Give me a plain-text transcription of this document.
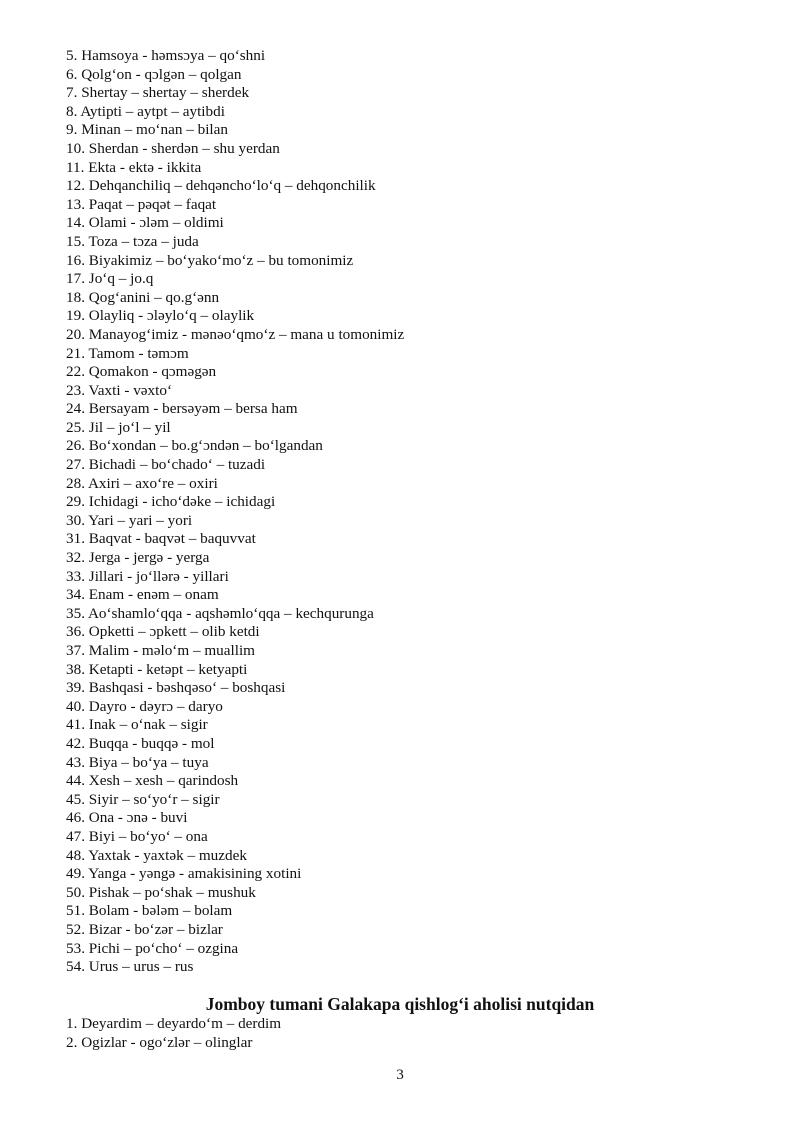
5. Hamsoya - həmsɔya – qo‘shni
6. Qolg‘on - qɔlgən – qolgan
7. Shertay – shertay – sherdek
8. Aytipti – aytpt – aytibdi
9. Minan – mo‘nan – bilan
10. Sherdan - sherdən – shu yerdan
11. Ekta - ektə - ikkita
12. Dehqanchiliq – dehqəncho‘lo‘q – dehqonchilik
13. Paqat – pəqət – faqat
14. Olami - ɔləm – oldimi
15. Toza – tɔza – juda
16. Biyakimiz – bo‘yako‘mo‘z – bu tomonimiz
17. Jo‘q – jo.q
18. Qog‘anini – qo.g‘ənn
19. Olayliq - ɔləylo‘q – olaylik
20. Manayog‘imiz - mənəo‘qmo‘z – mana u tomonimiz
21. Tamom - təmɔm
22. Qomakon - qɔməgən
23. Vaxti - vəxto‘
24. Bersayam - bersəyəm – bersa ham
25. Jil – jo‘l – yil
26. Bo‘xondan – bo.g‘ɔndən – bo‘lgandan
27. Bichadi – bo‘chado‘ – tuzadi
28. Axiri – axo‘re – oxiri
29. Ichidagi - icho‘dəke – ichidagi
30. Yari – yari – yori
31. Baqvat - baqvət – baquvvat
32. Jerga - jergə - yerga
33. Jillari - jo‘llərə - yillari
34. Enam - enəm – onam
35. Ao‘shamlo‘qqa - aqshəmlo‘qqa – kechqurunga
36. Opketti – ɔpkett – olib ketdi
37. Malim - məlo‘m – muallim
38. Ketapti - ketəpt – ketyapti
39. Bashqasi - bəshqəso‘ – boshqasi
40. Dayro - dəyrɔ – daryo
41. Inak – o‘nak – sigir
42. Buqqa - buqqə - mol
43. Biya – bo‘ya – tuya
44. Xesh – xesh – qarindosh
45. Siyir – so‘yo‘r – sigir
46. Ona - ɔnə - buvi
47. Biyi – bo‘yo‘ – ona
48. Yaxtak - yaxtək – muzdek
49. Yanga - yəngə - amakisining xotini
50. Pishak – po‘shak – mushuk
51. Bolam - bələm – bolam
52. Bizar - bo‘zər – bizlar
53. Pichi – po‘cho‘ – ozgina
54. Urus – urus – rus
Jomboy tumani Galakapa qishlog‘i aholisi nutqidan
1. Deyardim – deyardo‘m – derdim
2. Ogizlar - ogo‘zlər – olinglar
3
